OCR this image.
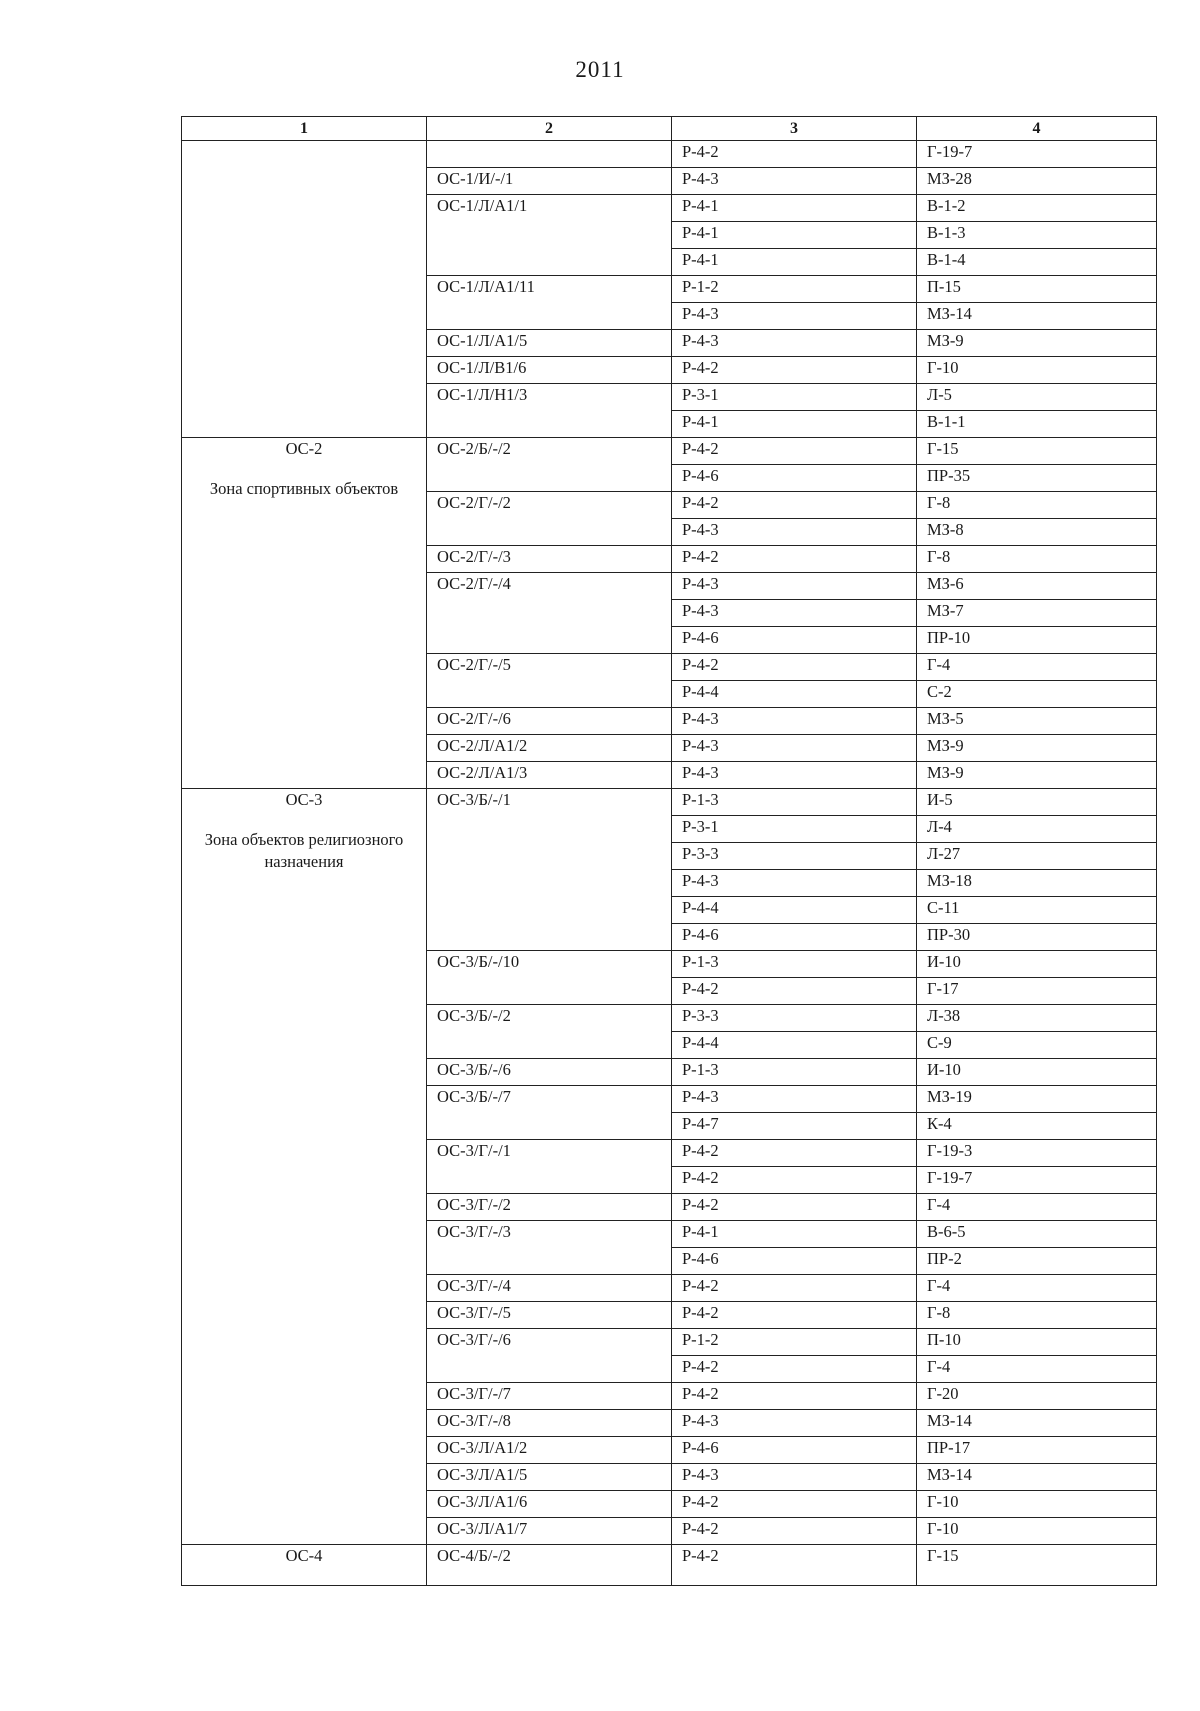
2011
1	2	3	4

		Р-4-2	Г-19-7
	ОС-1/И/-/1	Р-4-3	МЗ-28
	ОС-1/Л/А1/1	Р-4-1	В-1-2
		Р-4-1	В-1-3
		Р-4-1	В-1-4
	ОС-1/Л/А1/11	Р-1-2	П-15
		Р-4-3	МЗ-14
	ОС-1/Л/А1/5	Р-4-3	МЗ-9
	ОС-1/Л/В1/6	Р-4-2	Г-10
	ОС-1/Л/Н1/3	Р-3-1	Л-5
		Р-4-1	В-1-1

ОС-2
Зона спортивных объектов	ОС-2/Б/-/2	Р-4-2	Г-15
		Р-4-6	ПР-35
	ОС-2/Г/-/2	Р-4-2	Г-8
		Р-4-3	МЗ-8
	ОС-2/Г/-/3	Р-4-2	Г-8
	ОС-2/Г/-/4	Р-4-3	МЗ-6
		Р-4-3	МЗ-7
		Р-4-6	ПР-10
	ОС-2/Г/-/5	Р-4-2	Г-4
		Р-4-4	С-2
	ОС-2/Г/-/6	Р-4-3	МЗ-5
	ОС-2/Л/А1/2	Р-4-3	МЗ-9
	ОС-2/Л/А1/3	Р-4-3	МЗ-9

ОС-3
Зона объектов религиозного назначения	ОС-3/Б/-/1	Р-1-3	И-5
		Р-3-1	Л-4
		Р-3-3	Л-27
		Р-4-3	МЗ-18
		Р-4-4	С-11
		Р-4-6	ПР-30
	ОС-3/Б/-/10	Р-1-3	И-10
		Р-4-2	Г-17
	ОС-3/Б/-/2	Р-3-3	Л-38
		Р-4-4	С-9
	ОС-3/Б/-/6	Р-1-3	И-10
	ОС-3/Б/-/7	Р-4-3	МЗ-19
		Р-4-7	К-4
	ОС-3/Г/-/1	Р-4-2	Г-19-3
		Р-4-2	Г-19-7
	ОС-3/Г/-/2	Р-4-2	Г-4
	ОС-3/Г/-/3	Р-4-1	В-6-5
		Р-4-6	ПР-2
	ОС-3/Г/-/4	Р-4-2	Г-4
	ОС-3/Г/-/5	Р-4-2	Г-8
	ОС-3/Г/-/6	Р-1-2	П-10
		Р-4-2	Г-4
	ОС-3/Г/-/7	Р-4-2	Г-20
	ОС-3/Г/-/8	Р-4-3	МЗ-14
	ОС-3/Л/А1/2	Р-4-6	ПР-17
	ОС-3/Л/А1/5	Р-4-3	МЗ-14
	ОС-3/Л/А1/6	Р-4-2	Г-10
	ОС-3/Л/А1/7	Р-4-2	Г-10

ОС-4	ОС-4/Б/-/2	Р-4-2	Г-15
